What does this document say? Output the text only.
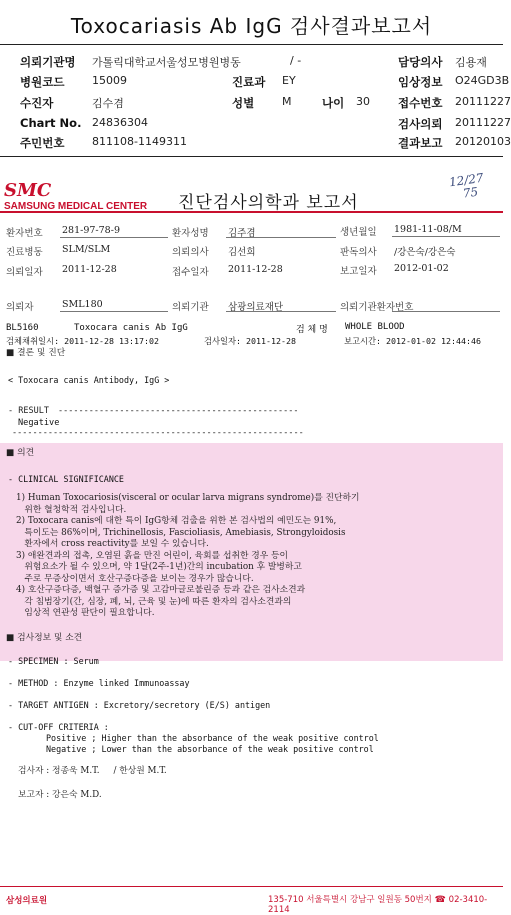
Toxocariasis Ab IgG 검사결과보고서
의뢰기관명 가톨릭대학교서울성모병원병동	/ -	담당의사 김용재
병원코드	15009	진료과 EY	임상정보 O24GD3B
수진자	김수겸	성별	M	나이 30 접수번호 20111227
Chart No. 24836304	검사의뢰 20111227
주민번호	811108-1149311	결과보고 20120103
SMC
SAMSUNG MEDICAL CENTER 진단검사의학과 보고서
12/27
75
환자번호 281-97-78-9	환자성명 김주겸	생년월일 1981-11-08/M
진료병동 SLM/SLM	의뢰의사 김선희	판독의사 /강은숙/강은숙
의뢰일자 2011-12-28	접수일자 2011-12-28	보고일자 2012-01-02
의뢰자	SML180	의뢰기관 삼광의료재단	의뢰기관환자번호
BL5160	Toxocara canis Ab IgG	검 체 명 WHOLE BLOOD
검체채취일시: 2011-12-28 13:17:02	검사일자: 2011-12-28	보고시간: 2012-01-02 12:44:46
■ 결론 및 진단
< Toxocara canis Antibody, IgG >
- RESULT -----------------------------------------------
Negative
---------------------------------------------------------
■ 의견
- CLINICAL SIGNIFICANCE
1) Human Toxocariosis(visceral or ocular larva migrans syndrome)를 진단하기
위한 혈청학적 검사입니다.
2) Toxocara canis에 대한 특이 IgG항체 검출을 위한 본 검사법의 예민도는 91%,
특이도는 86%이며, Trichinellosis, Fascioliasis, Amebiasis, Strongyloidosis
환자에서 cross reactivity를 보일 수 있습니다.
3) 애완견과의 접촉, 오염된 흙을 만진 어린이, 육회를 섭취한 경우 등이
위험요소가 될 수 있으며, 약 1달(2주-1년)간의 incubation 후 발병하고
주로 무증상이면서 호산구증다증을 보이는 경우가 많습니다.
4) 호산구증다증, 백혈구 증가증 및 고감마글로불린증 등과 같은 검사소견과
각 침범장기(간, 심장, 폐, 뇌, 근육 및 눈)에 따른 환자의 검사소견과의
임상적 연관성 판단이 필요합니다.
■ 검사정보 및 소견
- SPECIMEN : Serum
- METHOD : Enzyme linked Immunoassay
- TARGET ANTIGEN : Excretory/secretory (E/S) antigen
- CUT-OFF CRITERIA :
Positive ; Higher than the absorbance of the weak positive control
Negative ; Lower than the absorbance of the weak positive control
검사자 : 정종욱 M.T.     / 한상원 M.T.
보고자 : 강은숙 M.D.
삼성의료원	135-710 서울특별시 강남구 일원동 50번지 ☎ 02-3410-2114
